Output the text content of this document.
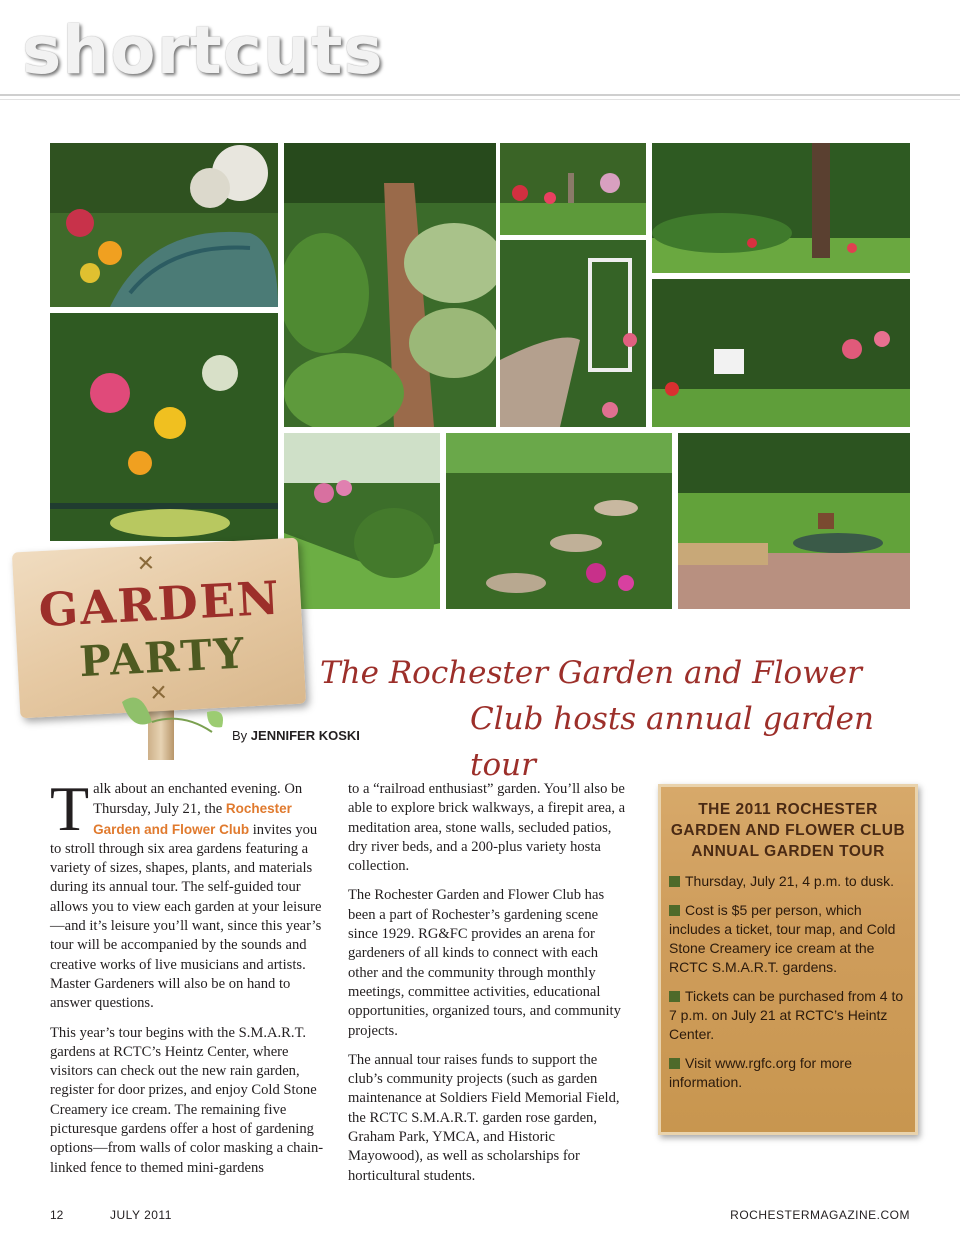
shortcuts
✕
GARDEN
PARTY
✕
The Rochester Garden and Flower
Club hosts annual garden tour
By JENNIFER KOSKI

Talk about an enchanted evening. On Thursday, July 21, the Rochester Garden and Flower Club invites you to stroll through six area gardens featuring a variety of sizes, shapes, plants, and materials during its annual tour. The self-guided tour allows you to view each garden at your leisure—and it’s leisure you’ll want, since this year’s tour will be accompanied by the sounds and creative works of live musicians and artists. Master Gardeners will also be on hand to answer questions.

This year’s tour begins with the S.M.A.R.T. gardens at RCTC’s Heintz Center, where visitors can check out the new rain garden, register for door prizes, and enjoy Cold Stone Creamery ice cream. The remaining five picturesque gardens offer a host of gardening options—from walls of color masking a chain-linked fence to themed mini-gardens

to a “railroad enthusiast” garden. You’ll also be able to explore brick walkways, a firepit area, a meditation area, stone walls, secluded patios, dry river beds, and a 200-plus variety hosta collection.

The Rochester Garden and Flower Club has been a part of Rochester’s gardening scene since 1929. RG&FC provides an arena for gardeners of all kinds to connect with each other and the community through monthly meetings, committee activities, educational opportunities, organized tours, and community projects.

The annual tour raises funds to support the club’s community projects (such as garden maintenance at Soldiers Field Memorial Field, the RCTC S.M.A.R.T. garden rose garden, Graham Park, YMCA, and Historic Mayowood), as well as scholarships for horticultural students.

THE 2011 ROCHESTER GARDEN AND FLOWER CLUB ANNUAL GARDEN TOUR
Thursday, July 21, 4 p.m. to dusk.
Cost is $5 per person, which includes a ticket, tour map, and Cold Stone Creamery ice cream at the RCTC S.M.A.R.T. gardens.
Tickets can be purchased from 4 to 7 p.m. on July 21 at RCTC’s Heintz Center.
Visit www.rgfc.org for more information.
12	JULY 2011	ROCHESTERMAGAZINE.COM
